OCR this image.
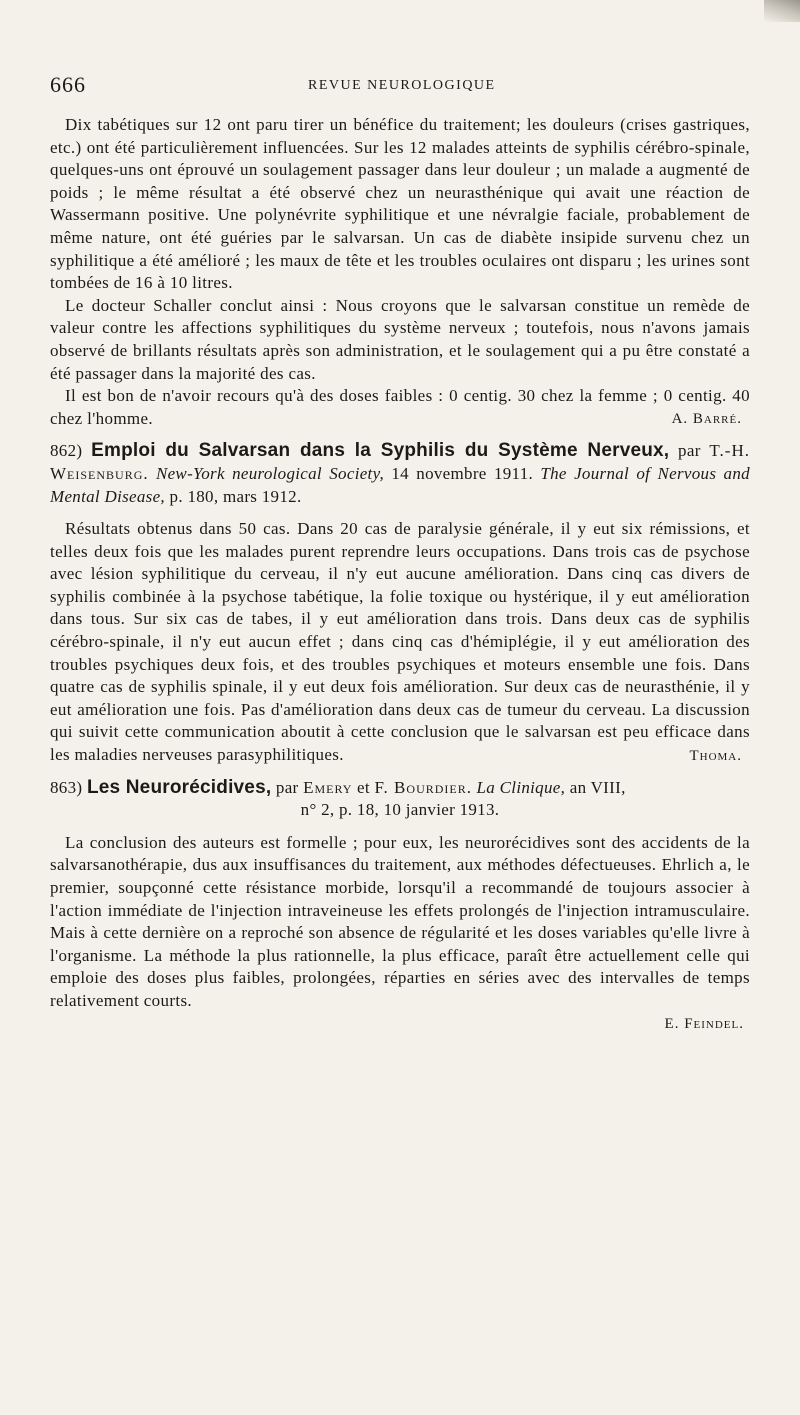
666	REVUE NEUROLOGIQUE

Dix tabétiques sur 12 ont paru tirer un bénéfice du traitement; les douleurs (crises gastriques, etc.) ont été particulièrement influencées. Sur les 12 malades atteints de syphilis cérébro-spinale, quelques-uns ont éprouvé un soulagement passager dans leur douleur ; un malade a augmenté de poids ; le même résultat a été observé chez un neurasthénique qui avait une réaction de Wassermann positive. Une polynévrite syphilitique et une névralgie faciale, probablement de même nature, ont été guéries par le salvarsan. Un cas de diabète insipide survenu chez un syphilitique a été amélioré ; les maux de tête et les troubles oculaires ont disparu ; les urines sont tombées de 16 à 10 litres.

Le docteur Schaller conclut ainsi : Nous croyons que le salvarsan constitue un remède de valeur contre les affections syphilitiques du système nerveux ; toutefois, nous n'avons jamais observé de brillants résultats après son administration, et le soulagement qui a pu être constaté a été passager dans la majorité des cas.

Il est bon de n'avoir recours qu'à des doses faibles : 0 centig. 30 chez la femme ; 0 centig. 40 chez l'homme.	A. Barré.
862) Emploi du Salvarsan dans la Syphilis du Système Nerveux, par T.-H. Weisenburg. New-York neurological Society, 14 novembre 1911. The Journal of Nervous and Mental Disease, p. 180, mars 1912.

Résultats obtenus dans 50 cas. Dans 20 cas de paralysie générale, il y eut six rémissions, et telles deux fois que les malades purent reprendre leurs occupations. Dans trois cas de psychose avec lésion syphilitique du cerveau, il n'y eut aucune amélioration. Dans cinq cas divers de syphilis combinée à la psychose tabétique, la folie toxique ou hystérique, il y eut amélioration dans tous. Sur six cas de tabes, il y eut amélioration dans trois. Dans deux cas de syphilis cérébro-spinale, il n'y eut aucun effet ; dans cinq cas d'hémiplégie, il y eut amélioration des troubles psychiques deux fois, et des troubles psychiques et moteurs ensemble une fois. Dans quatre cas de syphilis spinale, il y eut deux fois amélioration. Sur deux cas de neurasthénie, il y eut amélioration une fois. Pas d'amélioration dans deux cas de tumeur du cerveau. La discussion qui suivit cette communication aboutit à cette conclusion que le salvarsan est peu efficace dans les maladies nerveuses parasyphilitiques.	Thoma.
863) Les Neurorécidives, par Emery et F. Bourdier. La Clinique, an VIII,
n° 2, p. 18, 10 janvier 1913.

La conclusion des auteurs est formelle ; pour eux, les neurorécidives sont des accidents de la salvarsanothérapie, dus aux insuffisances du traitement, aux méthodes défectueuses. Ehrlich a, le premier, soupçonné cette résistance morbide, lorsqu'il a recommandé de toujours associer à l'action immédiate de l'injection intraveineuse les effets prolongés de l'injection intramusculaire. Mais à cette dernière on a reproché son absence de régularité et les doses variables qu'elle livre à l'organisme. La méthode la plus rationnelle, la plus efficace, paraît être actuellement celle qui emploie des doses plus faibles, prolongées, réparties en séries avec des intervalles de temps relativement courts.

E. Feindel.
